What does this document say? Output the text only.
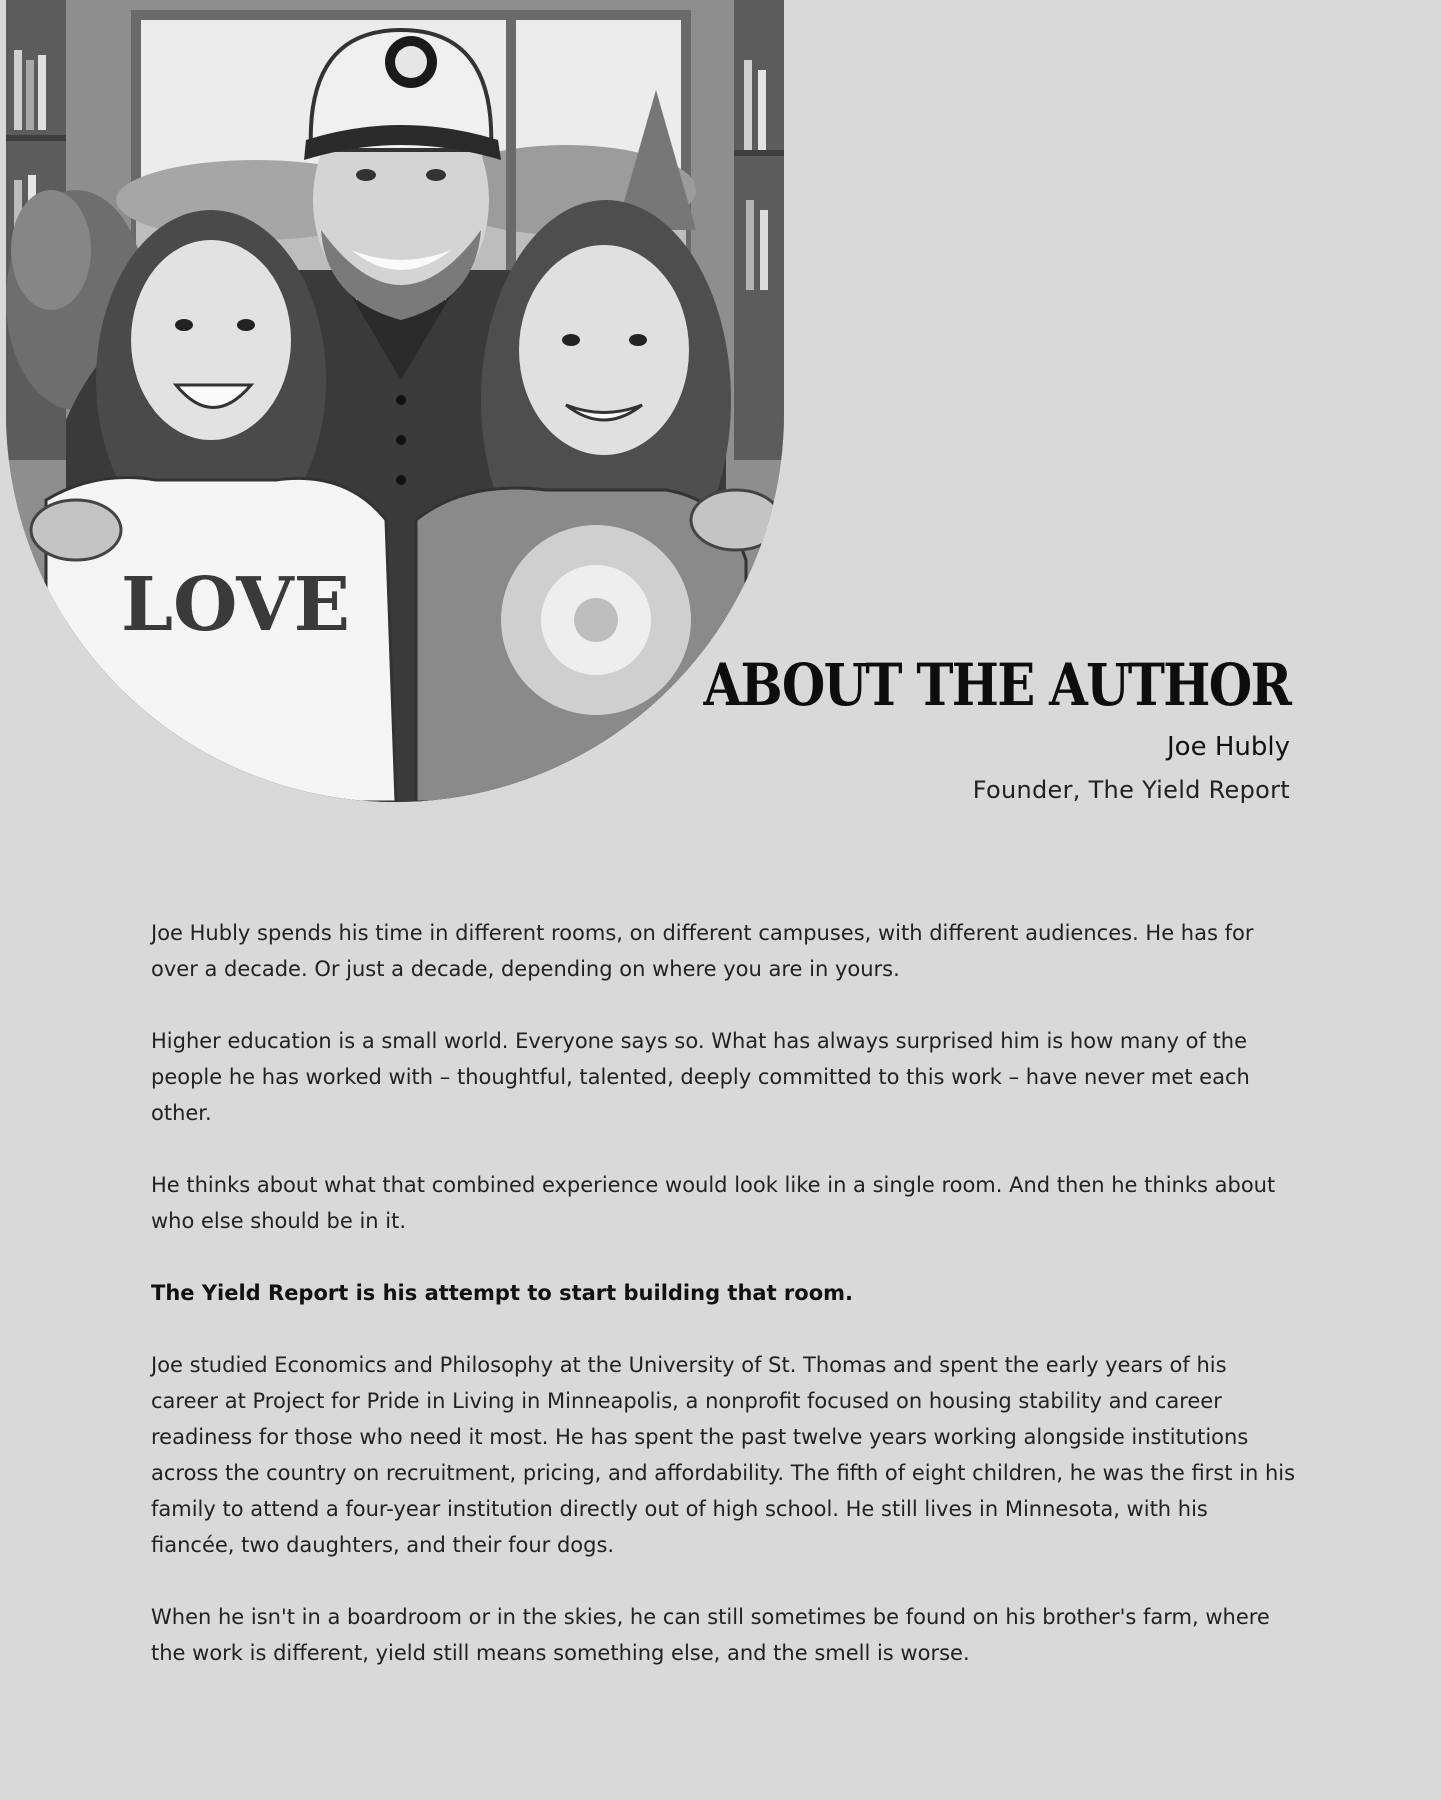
LOVE
ABOUT THE AUTHOR
Joe Hubly
Founder, The Yield Report

Joe Hubly spends his time in different rooms, on different campuses, with different audiences. He has for over a decade. Or just a decade, depending on where you are in yours.

Higher education is a small world. Everyone says so. What has always surprised him is how many of the people he has worked with – thoughtful, talented, deeply committed to this work – have never met each other.

He thinks about what that combined experience would look like in a single room. And then he thinks about who else should be in it.

The Yield Report is his attempt to start building that room.

Joe studied Economics and Philosophy at the University of St. Thomas and spent the early years of his career at Project for Pride in Living in Minneapolis, a nonprofit focused on housing stability and career readiness for those who need it most. He has spent the past twelve years working alongside institutions across the country on recruitment, pricing, and affordability. The fifth of eight children, he was the first in his family to attend a four-year institution directly out of high school. He still lives in Minnesota, with his fiancée, two daughters, and their four dogs.

When he isn't in a boardroom or in the skies, he can still sometimes be found on his brother's farm, where the work is different, yield still means something else, and the smell is worse.
